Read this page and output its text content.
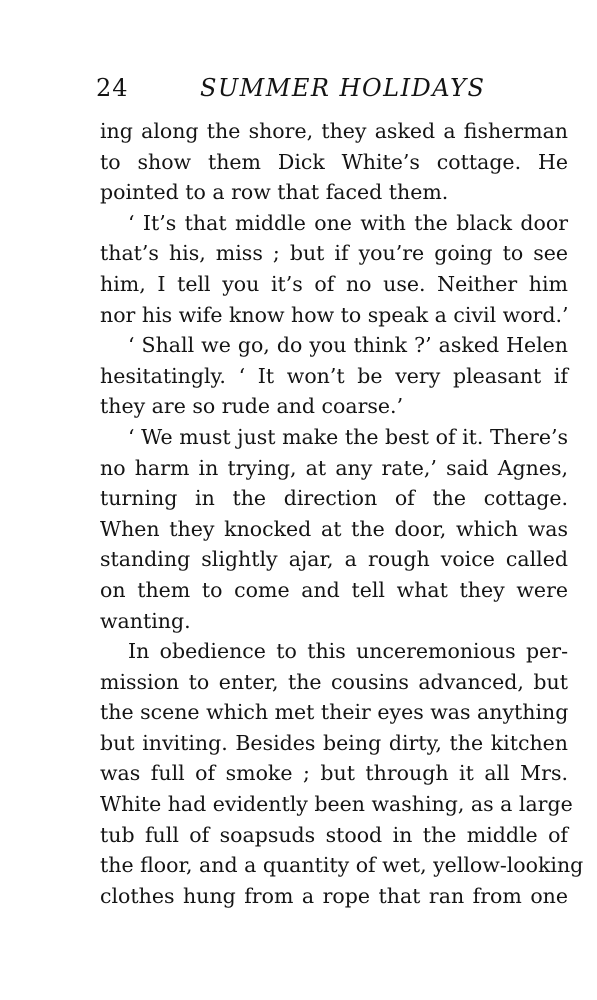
24	SUMMER HOLIDAYS
ing along the shore, they asked a fisherman
to show them Dick White’s cottage. He
pointed to a row that faced them.
‘ It’s that middle one with the black door
that’s his, miss ; but if you’re going to see
him, I tell you it’s of no use. Neither him
nor his wife know how to speak a civil word.’
‘ Shall we go, do you think ?’ asked Helen
hesitatingly. ‘ It won’t be very pleasant if
they are so rude and coarse.’
‘ We must just make the best of it. There’s
no harm in trying, at any rate,’ said Agnes,
turning in the direction of the cottage.
When they knocked at the door, which was
standing slightly ajar, a rough voice called
on them to come and tell what they were
wanting.
In obedience to this unceremonious per-
mission to enter, the cousins advanced, but
the scene which met their eyes was anything
but inviting. Besides being dirty, the kitchen
was full of smoke ; but through it all Mrs.
White had evidently been washing, as a large
tub full of soapsuds stood in the middle of
the floor, and a quantity of wet, yellow-looking
clothes hung from a rope that ran from one
